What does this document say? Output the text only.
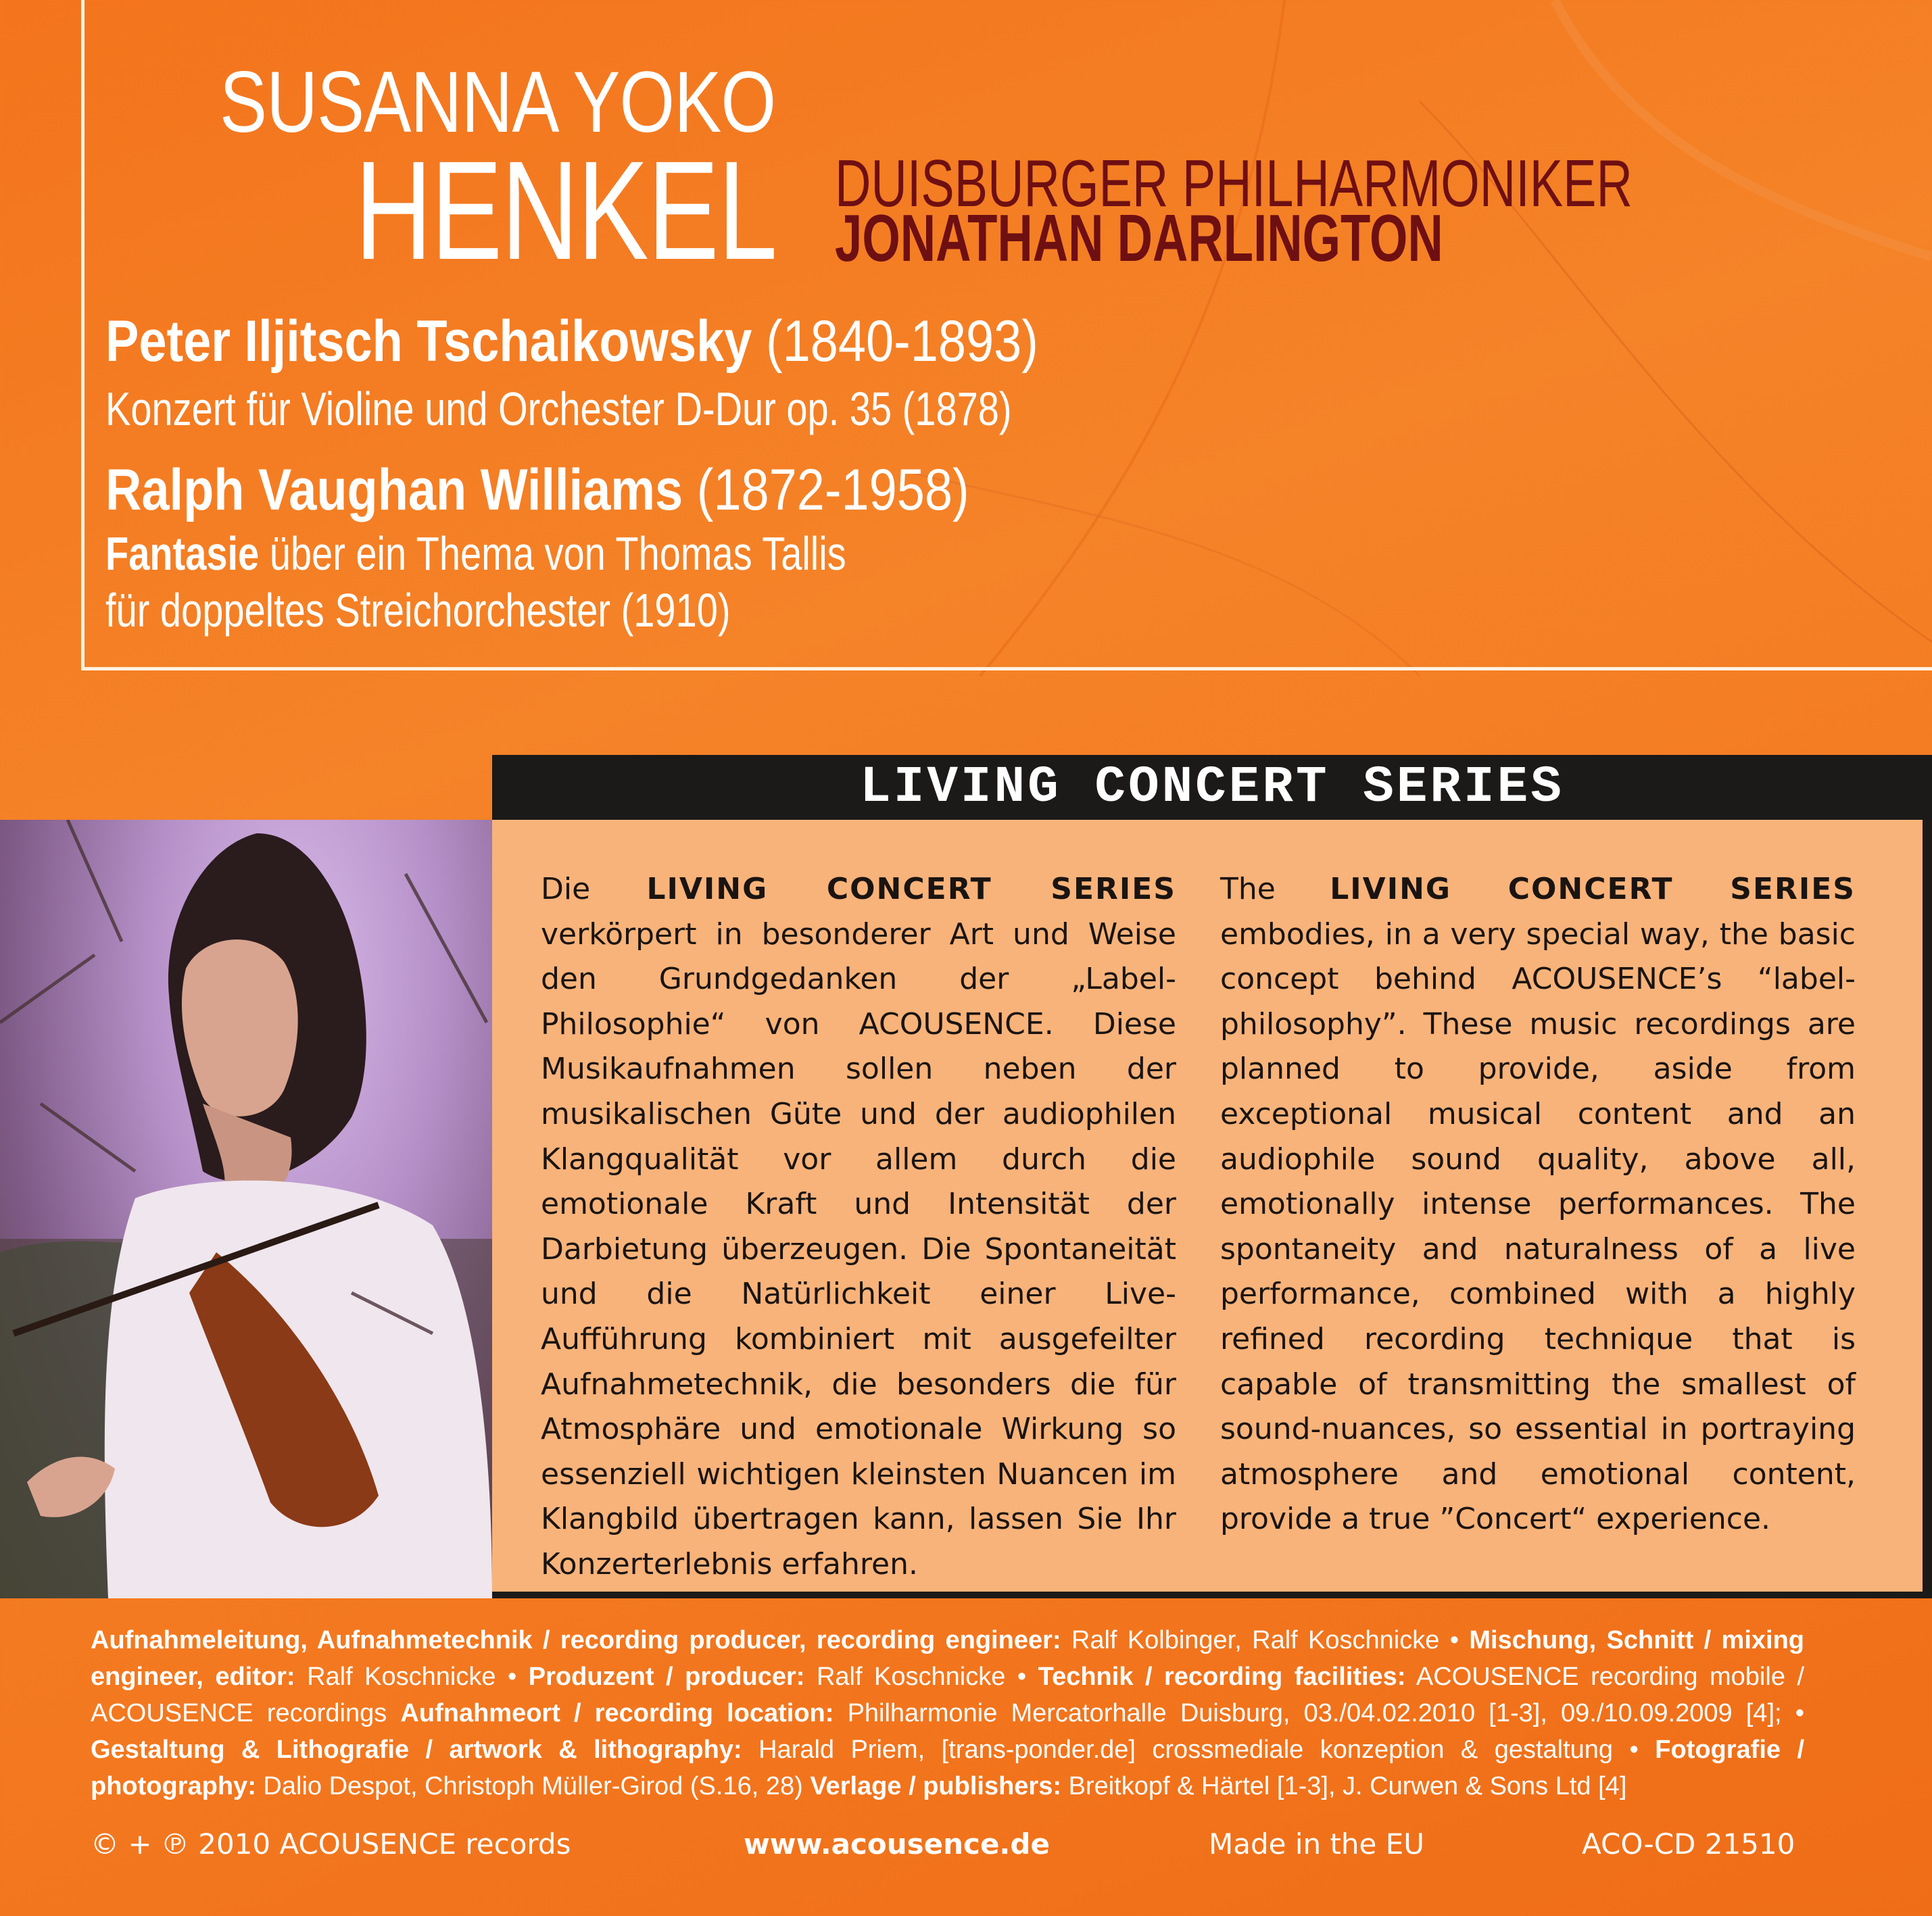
SUSANNA YOKO
HENKEL DUISBURGER PHILHARMONIKER
JONATHAN DARLINGTON
Peter Iljitsch Tschaikowsky (1840-1893)
Konzert für Violine und Orchester D-Dur op. 35 (1878)
Ralph Vaughan Williams (1872-1958)
Fantasie über ein Thema von Thomas Tallis
für doppeltes Streichorchester (1910)
LIVING CONCERT SERIES

Die LIVING CONCERT SERIES verkörpert in besonderer Art und Weise den Grundgedanken der „Label-Philosophie“ von ACOUSENCE. Diese Musikaufnahmen sollen neben der musikalischen Güte und der audiophilen Klangqualität vor allem durch die emotionale Kraft und Intensität der Darbietung überzeugen. Die Spontaneität und die Natürlichkeit einer Live-Aufführung kombiniert mit ausgefeilter Aufnahmetechnik, die besonders die für Atmosphäre und emotionale Wirkung so essenziell wichtigen kleinsten Nuancen im Klangbild übertragen kann, lassen Sie Ihr Konzerterlebnis erfahren.

The LIVING CONCERT SERIES embodies, in a very special way, the basic concept behind ACOUSENCE’s “label-philosophy”. These music recordings are planned to provide, aside from exceptional musical content and an audiophile sound quality, above all, emotionally intense performances. The spontaneity and naturalness of a live performance, combined with a highly refined recording technique that is capable of transmitting the smallest of sound-nuances, so essential in portraying atmosphere and emotional content, provide a true ”Concert“ experience.

Aufnahmeleitung, Aufnahmetechnik / recording producer, recording engineer: Ralf Kolbinger, Ralf Koschnicke • Mischung, Schnitt / mixing engineer, editor: Ralf Koschnicke • Produzent / producer: Ralf Koschnicke • Technik / recording facilities: ACOUSENCE recording mobile / ACOUSENCE recordings Aufnahmeort / recording location: Philharmonie Mercatorhalle Duisburg, 03./04.02.2010 [1-3], 09./10.09.2009 [4]; • Gestaltung & Lithografie / artwork & lithography: Harald Priem, [trans-ponder.de] crossmediale konzeption & gestaltung • Fotografie / photography: Dalio Despot, Christoph Müller-Girod (S.16, 28) Verlage / publishers: Breitkopf & Härtel [1-3], J. Curwen & Sons Ltd [4]

© + ℗ 2010 ACOUSENCE records	www.acousence.de	Made in the EU	ACO-CD 21510
